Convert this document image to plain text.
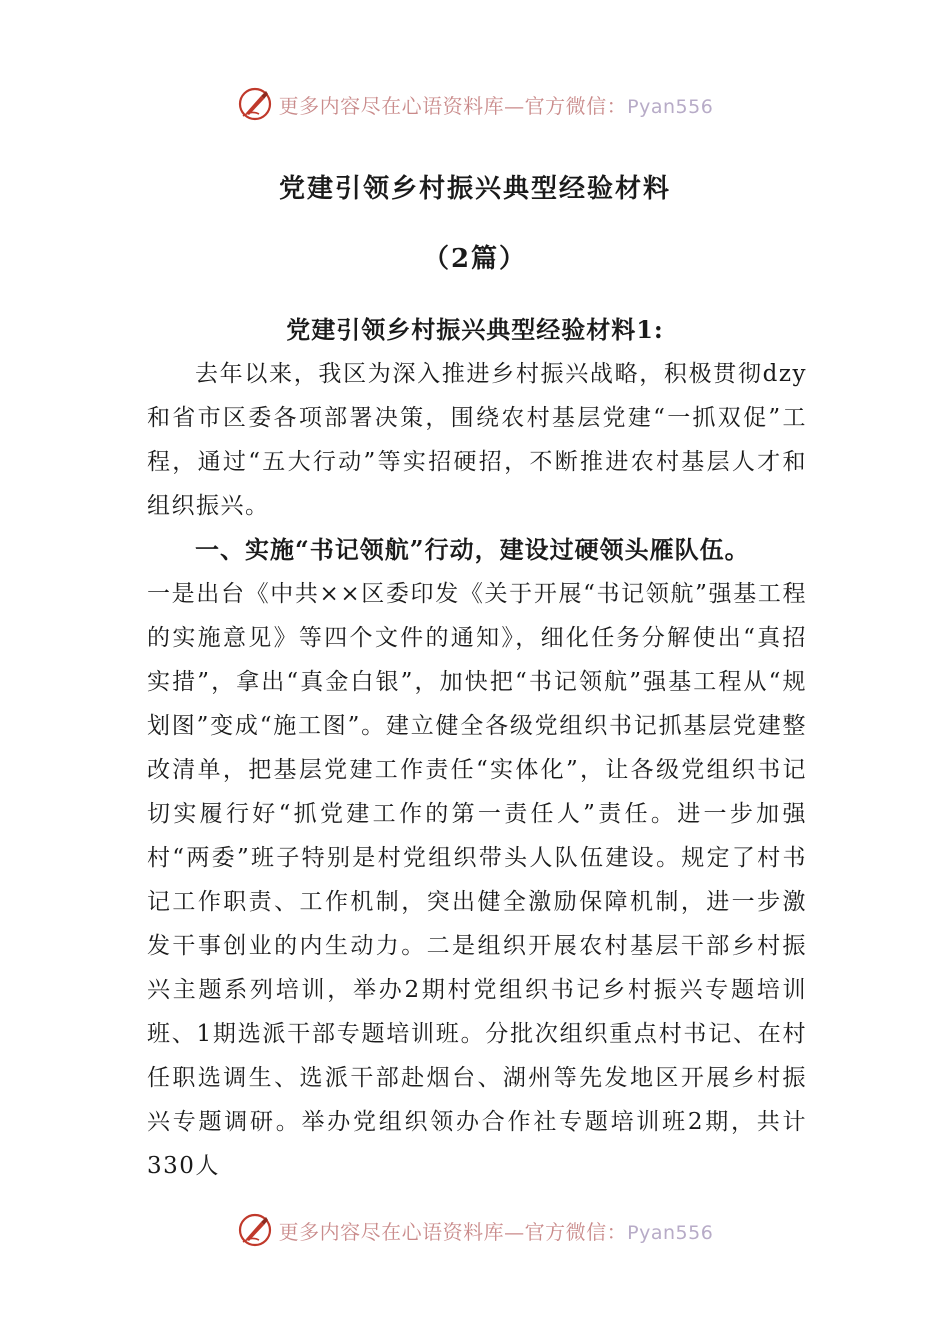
更多内容尽在心语资料库—官方微信：Pyan556
党建引领乡村振兴典型经验材料
（2篇）
党建引领乡村振兴典型经验材料1:

去年以来，我区为深入推进乡村振兴战略，积极贯彻dzy和省市区委各项部署决策，围绕农村基层党建“一抓双促”工程，通过“五大行动”等实招硬招，不断推进农村基层人才和组织振兴。

一、实施“书记领航”行动，建设过硬领头雁队伍。

一是出台《中共××区委印发《关于开展“书记领航”强基工程的实施意见》等四个文件的通知》，细化任务分解使出“真招实措”，拿出“真金白银”，加快把“书记领航”强基工程从“规划图”变成“施工图”。建立健全各级党组织书记抓基层党建整改清单，把基层党建工作责任“实体化”，让各级党组织书记切实履行好“抓党建工作的第一责任人”责任。进一步加强村“两委”班子特别是村党组织带头人队伍建设。规定了村书记工作职责、工作机制，突出健全激励保障机制，进一步激发干事创业的内生动力。二是组织开展农村基层干部乡村振兴主题系列培训，举办2期村党组织书记乡村振兴专题培训班、1期选派干部专题培训班。分批次组织重点村书记、在村任职选调生、选派干部赴烟台、湖州等先发地区开展乡村振兴专题调研。举办党组织领办合作社专题培训班2期，共计330人

更多内容尽在心语资料库—官方微信：Pyan556
